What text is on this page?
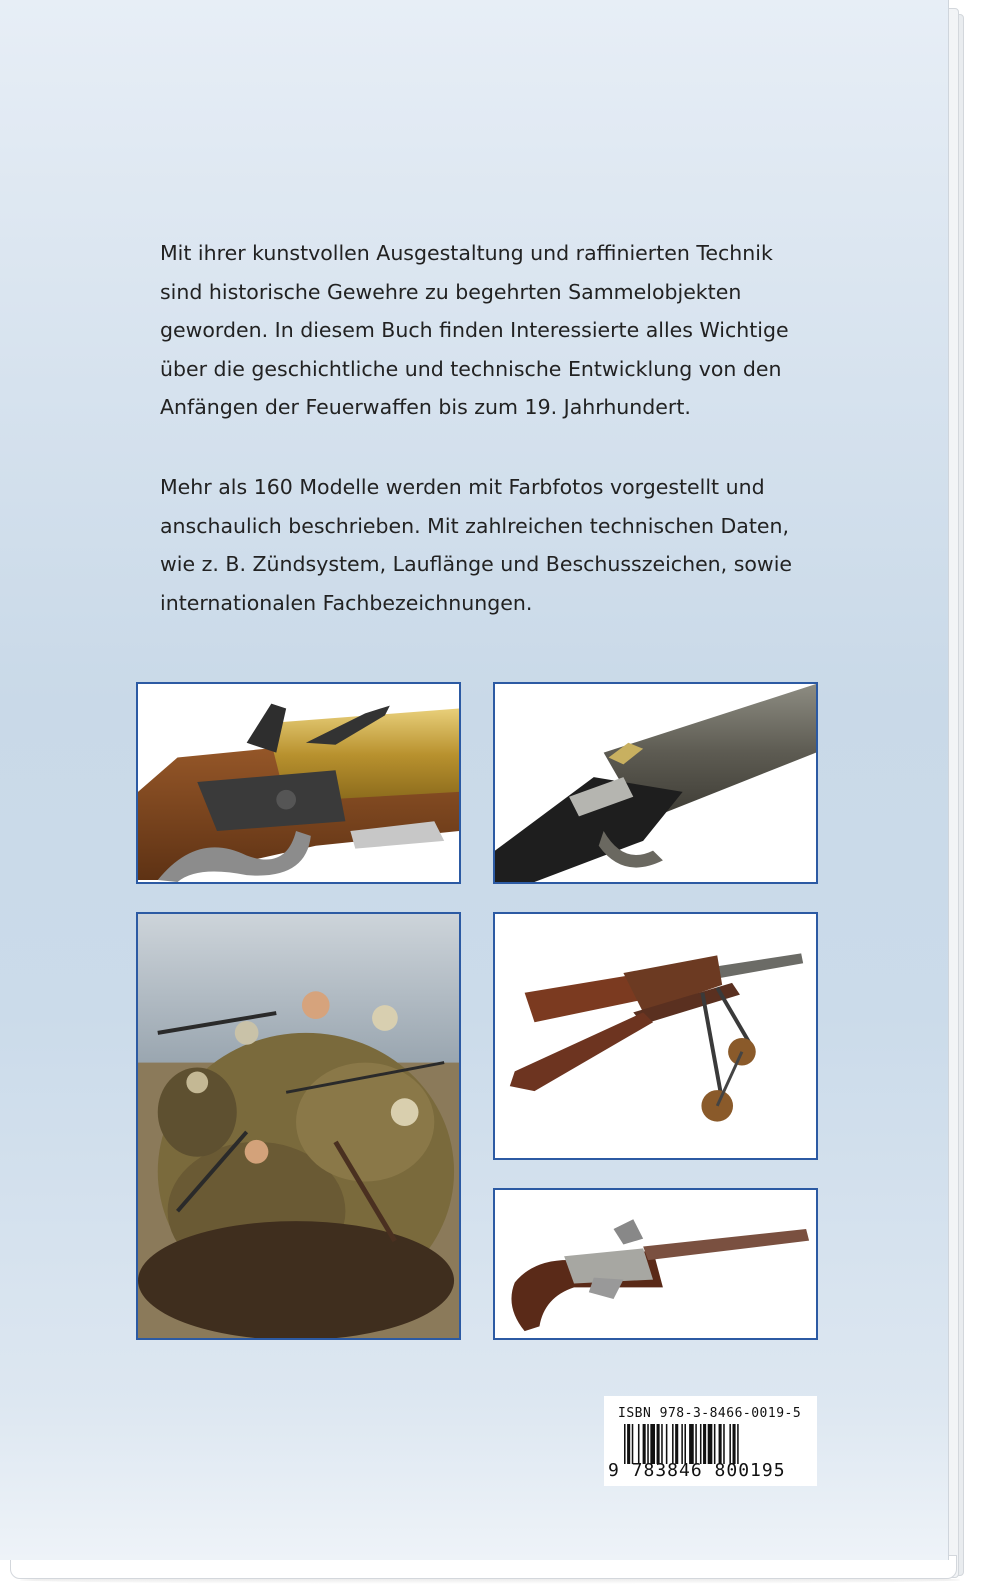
Mit ihrer kunstvollen Ausgestaltung und raffinierten Technik
sind historische Gewehre zu begehrten Sammelobjekten
geworden. In diesem Buch finden Interessierte alles Wichtige
über die geschichtliche und technische Entwicklung von den
Anfängen der Feuerwaffen bis zum 19. Jahrhundert.

Mehr als 160 Modelle werden mit Farbfotos vorgestellt und
anschaulich beschrieben. Mit zahlreichen technischen Daten,
wie z. B. Zündsystem, Lauflänge und Beschusszeichen, sowie
internationalen Fachbezeichnungen.

ISBN 978-3-8466-0019-5
9 783846 800195
